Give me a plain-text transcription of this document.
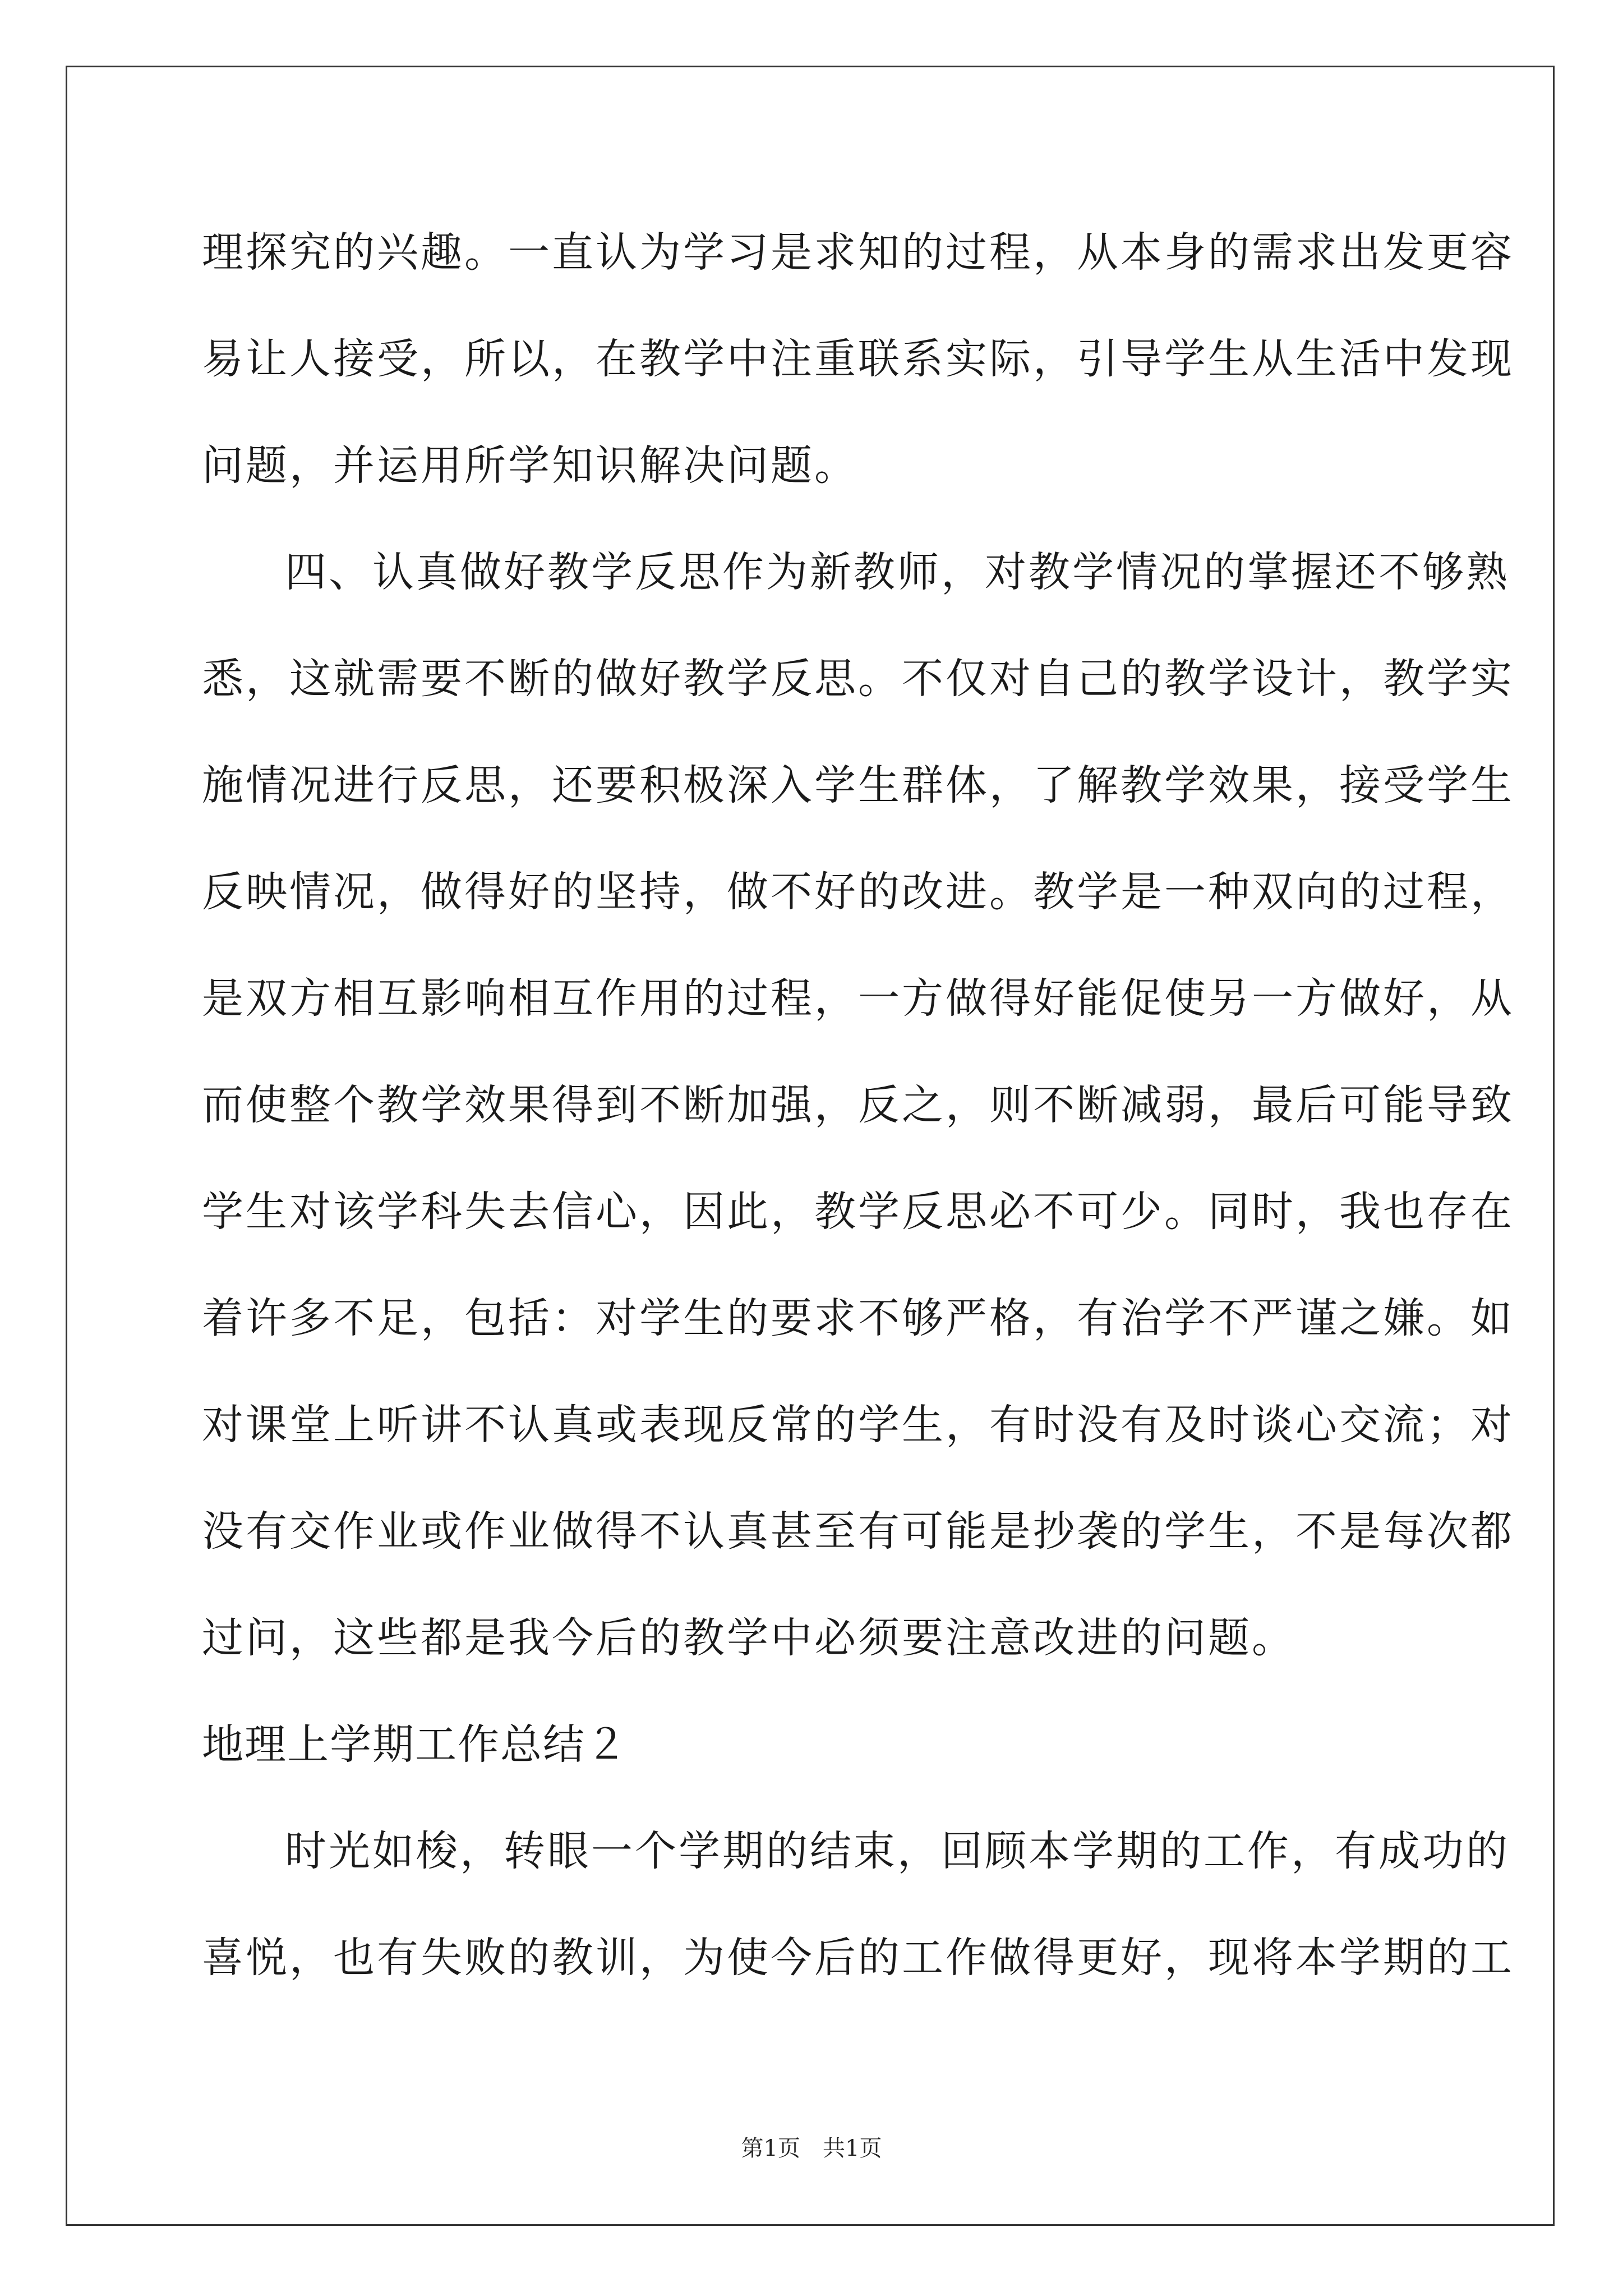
理探究的兴趣。一直认为学习是求知的过程，从本身的需求出发更容
易让人接受，所以，在教学中注重联系实际，引导学生从生活中发现
问题，并运用所学知识解决问题。
四、认真做好教学反思作为新教师，对教学情况的掌握还不够熟
悉，这就需要不断的做好教学反思。不仅对自己的教学设计，教学实
施情况进行反思，还要积极深入学生群体，了解教学效果，接受学生
反映情况，做得好的坚持，做不好的改进。教学是一种双向的过程，
是双方相互影响相互作用的过程，一方做得好能促使另一方做好，从
而使整个教学效果得到不断加强，反之，则不断减弱，最后可能导致
学生对该学科失去信心，因此，教学反思必不可少。同时，我也存在
着许多不足，包括：对学生的要求不够严格，有治学不严谨之嫌。如
对课堂上听讲不认真或表现反常的学生，有时没有及时谈心交流；对
没有交作业或作业做得不认真甚至有可能是抄袭的学生，不是每次都
过问，这些都是我今后的教学中必须要注意改进的问题。
地理上学期工作总结２
时光如梭，转眼一个学期的结束，回顾本学期的工作，有成功的
喜悦，也有失败的教训，为使今后的工作做得更好，现将本学期的工
第1页　共1页
